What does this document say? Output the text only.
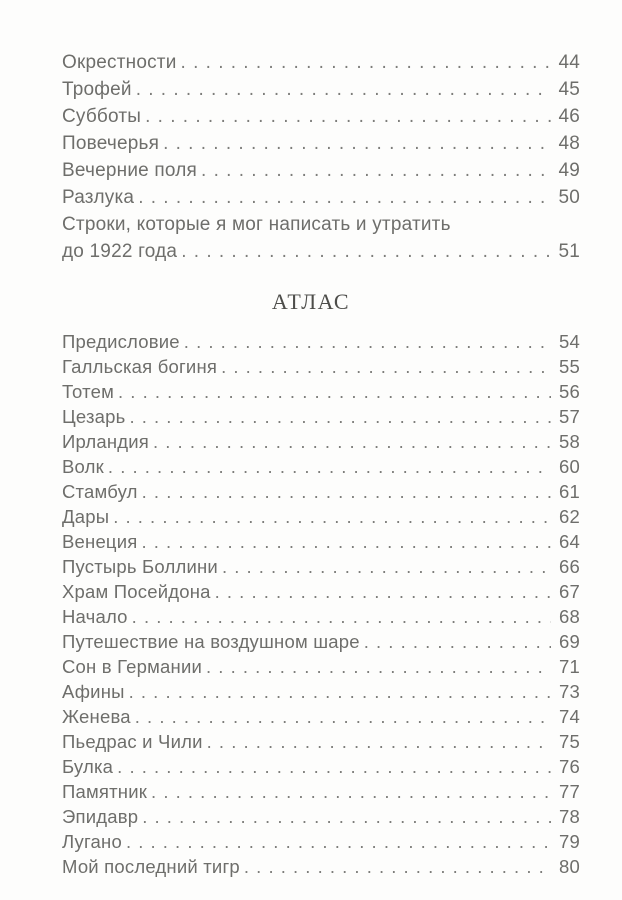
Окрестности . . .	44
Трофей . . .	45
Субботы . . .	46
Повечерья . . .	48
Вечерние поля . . .	49
Разлука . . .	50
Строки, которые я мог написать и утратить
до 1922 года . . .	51
АТЛАС
Предисловие . . .	54
Галльская богиня . . .	55
Тотем . . .	56
Цезарь . . .	57
Ирландия . . .	58
Волк . . .	60
Стамбул . . .	61
Дары . . .	62
Венеция . . .	64
Пустырь Боллини . . .	66
Храм Посейдона . . .	67
Начало . . .	68
Путешествие на воздушном шаре . . .	69
Сон в Германии . . .	71
Афины . . .	73
Женева . . .	74
Пьедрас и Чили . . .	75
Булка . . .	76
Памятник . . .	77
Эпидавр . . .	78
Лугано . . .	79
Мой последний тигр . . .	80
